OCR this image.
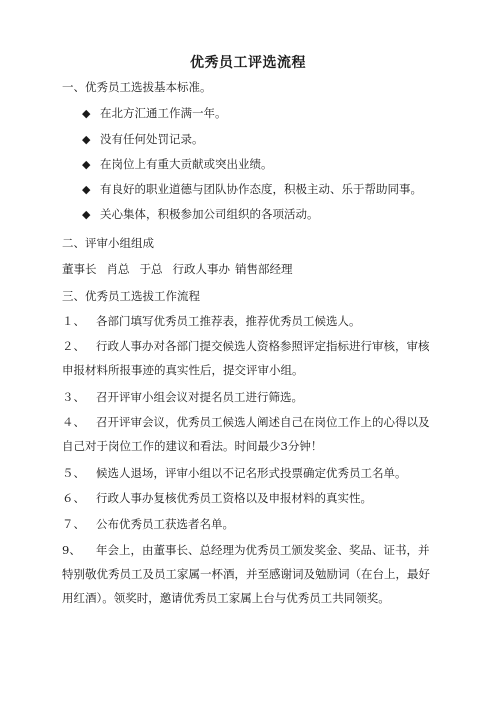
优秀员工评选流程
一、优秀员工选拔基本标准。
◆ 在北方汇通工作满一年。
◆ 没有任何处罚记录。
◆ 在岗位上有重大贡献或突出业绩。
◆ 有良好的职业道德与团队协作态度，积极主动、乐于帮助同事。
◆ 关心集体，积极参加公司组织的各项活动。
二、评审小组组成
董事长 肖总 于总 行政人事办 销售部经理
三、优秀员工选拔工作流程
１、 各部门填写优秀员工推荐表，推荐优秀员工候选人。
２、 行政人事办对各部门提交候选人资格参照评定指标进行审核，审核申报材料所报事迹的真实性后，提交评审小组。
３、 召开评审小组会议对提名员工进行筛选。
４、 召开评审会议，优秀员工候选人阐述自己在岗位工作上的心得以及自己对于岗位工作的建议和看法。时间最少3分钟！
５、 候选人退场，评审小组以不记名形式投票确定优秀员工名单。
６、 行政人事办复核优秀员工资格以及申报材料的真实性。
７、 公布优秀员工获选者名单。
9、 年会上，由董事长、总经理为优秀员工颁发奖金、奖品、证书，并特别敬优秀员工及员工家属一杯酒，并至感谢词及勉励词（在台上，最好用红酒）。领奖时，邀请优秀员工家属上台与优秀员工共同领奖。
